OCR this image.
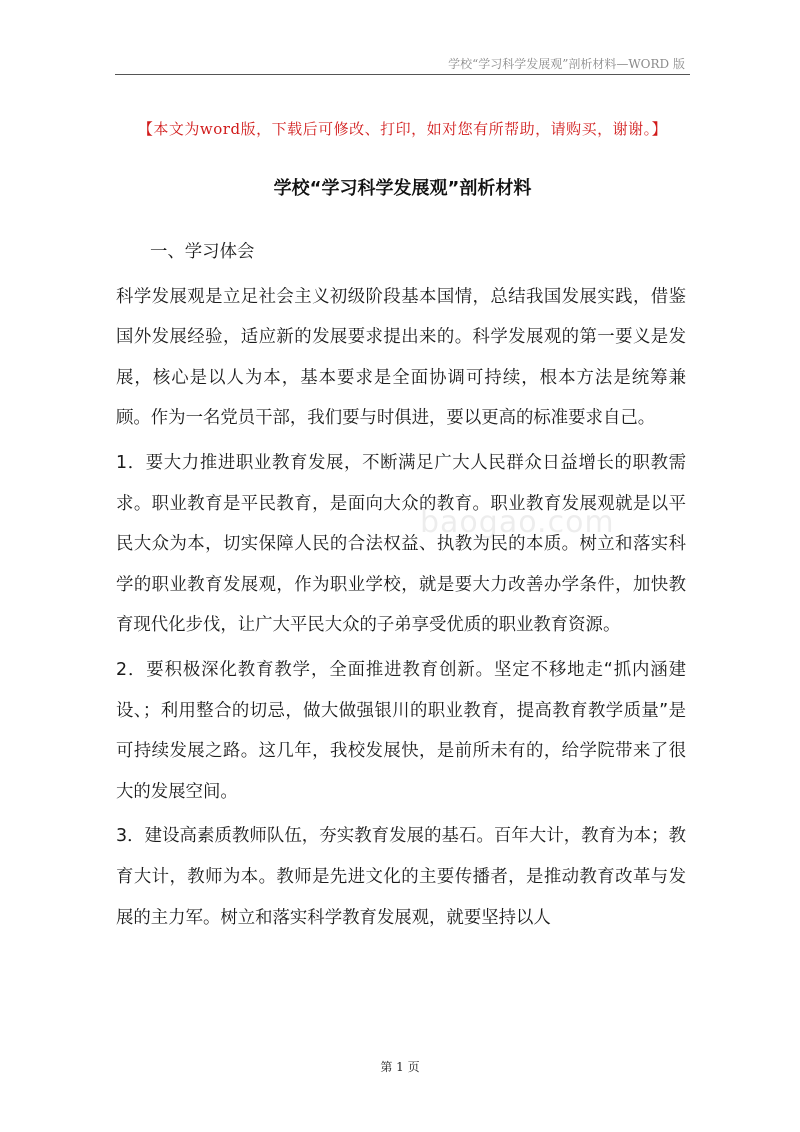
学校“学习科学发展观”剖析材料—WORD 版
【本文为word版，下载后可修改、打印，如对您有所帮助，请购买，谢谢。】
学校“学习科学发展观”剖析材料
baogao.com

一、学习体会

科学发展观是立足社会主义初级阶段基本国情，总结我国发展实践，借鉴国外发展经验，适应新的发展要求提出来的。科学发展观的第一要义是发展，核心是以人为本，基本要求是全面协调可持续，根本方法是统筹兼顾。作为一名党员干部，我们要与时俱进，要以更高的标准要求自己。

1．要大力推进职业教育发展，不断满足广大人民群众日益增长的职教需求。职业教育是平民教育，是面向大众的教育。职业教育发展观就是以平民大众为本，切实保障人民的合法权益、执教为民的本质。树立和落实科学的职业教育发展观，作为职业学校，就是要大力改善办学条件，加快教育现代化步伐，让广大平民大众的子弟享受优质的职业教育资源。

2．要积极深化教育教学，全面推进教育创新。坚定不移地走“抓内涵建设、；利用整合的切忌，做大做强银川的职业教育，提高教育教学质量”是可持续发展之路。这几年，我校发展快，是前所未有的，给学院带来了很大的发展空间。

3．建设高素质教师队伍，夯实教育发展的基石。百年大计，教育为本；教育大计，教师为本。教师是先进文化的主要传播者，是推动教育改革与发展的主力军。树立和落实科学教育发展观，就要坚持以人

第 1 页
